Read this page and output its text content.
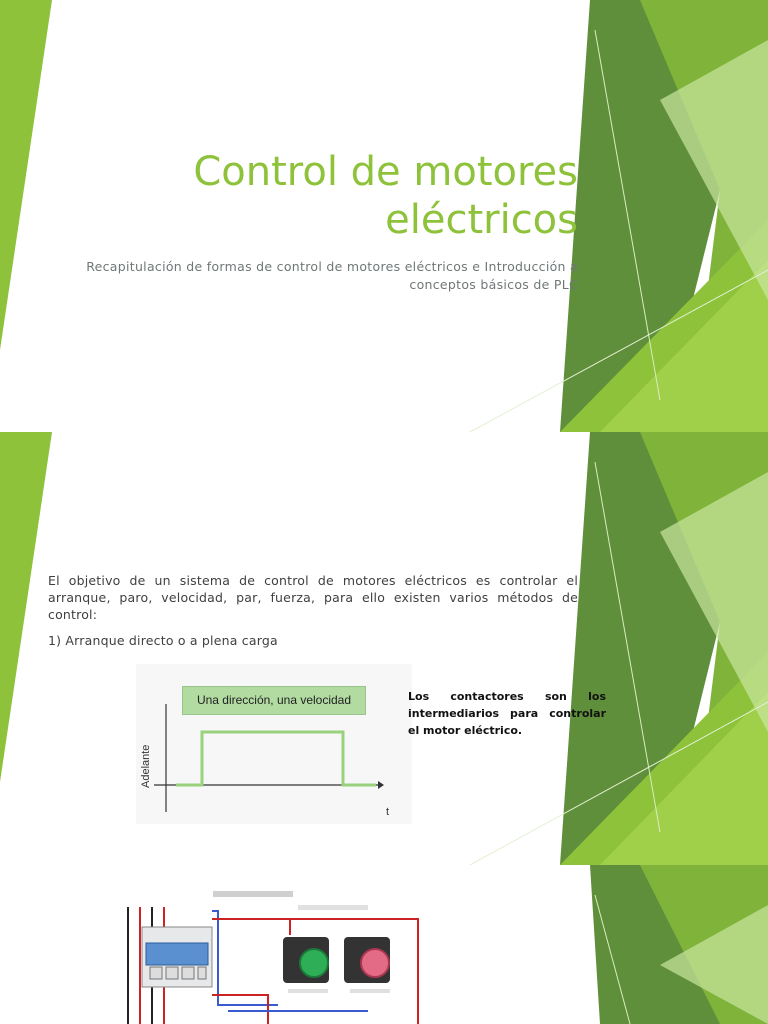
Control de motores eléctricos
Recapitulación de formas de control de motores eléctricos e Introducción a conceptos básicos de PLC

El objetivo de un sistema de control de motores eléctricos es controlar el arranque, paro, velocidad, par, fuerza, para ello existen varios métodos de control:

1) Arranque directo o a plena carga
Una dirección, una velocidad
Adelante
t

Los contactores son los intermediarios para controlar el motor eléctrico.
